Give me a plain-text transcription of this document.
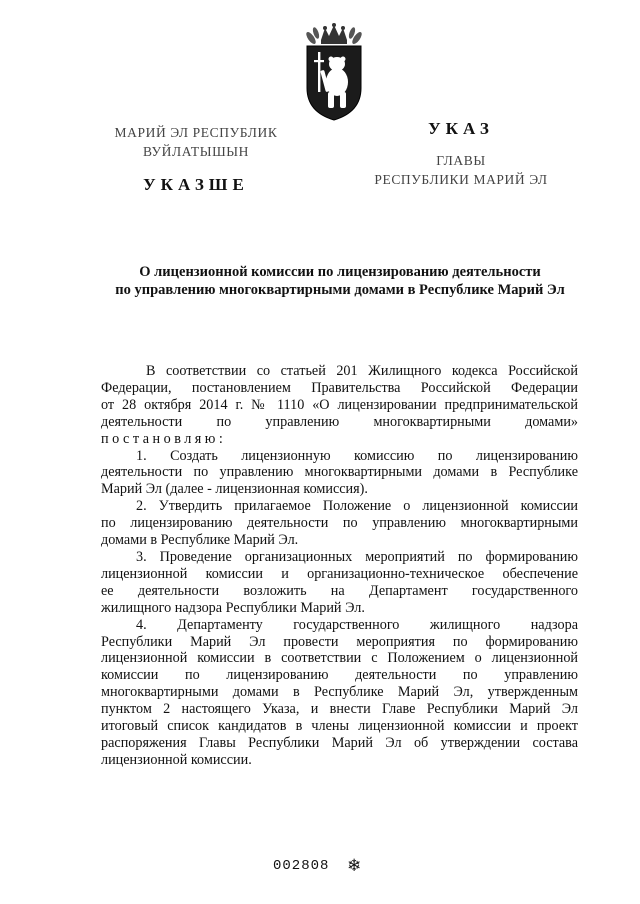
МАРИЙ ЭЛ РЕСПУБЛИК
ВУЙЛАТЫШЫН
УКАЗШЕ
УКАЗ
ГЛАВЫ
РЕСПУБЛИКИ МАРИЙ ЭЛ
О лицензионной комиссии по лицензированию деятельности
по управлению многоквартирными домами в Республике Марий Эл
В соответствии со статьей 201 Жилищного кодекса Российской
Федерации, постановлением Правительства Российской Федерации
от 28 октября 2014 г. № 1110 «О лицензировании предпринимательской
деятельности по управлению многоквартирными домами»
постановляю:
1. Создать лицензионную комиссию по лицензированию
деятельности по управлению многоквартирными домами в Республике
Марий Эл (далее - лицензионная комиссия).
2. Утвердить прилагаемое Положение о лицензионной комиссии
по лицензированию деятельности по управлению многоквартирными
домами в Республике Марий Эл.
3. Проведение организационных мероприятий по формированию
лицензионной комиссии и организационно-техническое обеспечение
ее деятельности возложить на Департамент государственного
жилищного надзора Республики Марий Эл.
4. Департаменту государственного жилищного надзора
Республики Марий Эл провести мероприятия по формированию
лицензионной комиссии в соответствии с Положением о лицензионной
комиссии по лицензированию деятельности по управлению
многоквартирными домами в Республике Марий Эл, утвержденным
пунктом 2 настоящего Указа, и внести Главе Республики Марий Эл
итоговый список кандидатов в члены лицензионной комиссии и проект
распоряжения Главы Республики Марий Эл об утверждении состава
лицензионной комиссии.
002808 ❄
